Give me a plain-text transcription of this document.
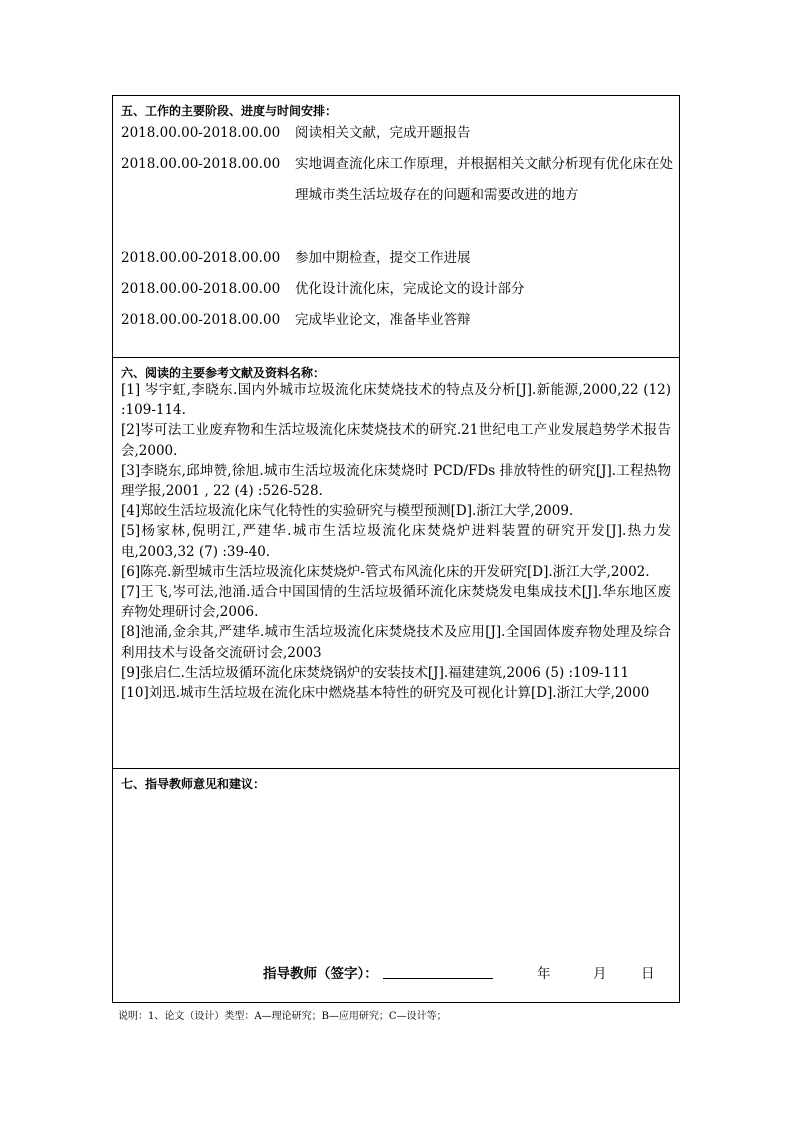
五、工作的主要阶段、进度与时间安排：
2018.00.00-2018.00.00	阅读相关文献，完成开题报告
2018.00.00-2018.00.00	实地调查流化床工作原理，并根据相关文献分析现有优化床在处理城市类生活垃圾存在的问题和需要改进的地方
2018.00.00-2018.00.00	参加中期检查，提交工作进展
2018.00.00-2018.00.00	优化设计流化床，完成论文的设计部分
2018.00.00-2018.00.00	完成毕业论文，准备毕业答辩
六、阅读的主要参考文献及资料名称：
[1] 岑宇虹,李晓东.国内外城市垃圾流化床焚烧技术的特点及分析[J].新能源,2000,22 (12) :109-114.
[2]岑可法工业废弃物和生活垃圾流化床焚烧技术的研究.21世纪电工产业发展趋势学术报告会,2000.
[3]李晓东,邱坤赞,徐旭.城市生活垃圾流化床焚烧时 PCD/FDs 排放特性的研究[J].工程热物理学报,2001 , 22 (4) :526-528.
[4]郑皎生活垃圾流化床气化特性的实验研究与模型预测[D].浙江大学,2009.
[5]杨家林,倪明江,严建华.城市生活垃圾流化床焚烧炉进料装置的研究开发[J].热力发电,2003,32 (7) :39-40.
[6]陈亮.新型城市生活垃圾流化床焚烧炉-管式布风流化床的开发研究[D].浙江大学,2002.
[7]王飞,岑可法,池涌.适合中国国情的生活垃圾循环流化床焚烧发电集成技术[J].华东地区废弃物处理研讨会,2006.
[8]池涌,金余其,严建华.城市生活垃圾流化床焚烧技术及应用[J].全国固体废弃物处理及综合利用技术与设备交流研讨会,2003
[9]张启仁.生活垃圾循环流化床焚烧锅炉的安装技术[J].福建建筑,2006 (5) :109-111
[10]刘迅.城市生活垃圾在流化床中燃烧基本特性的研究及可视化计算[D].浙江大学,2000
七、指导教师意见和建议：
指导教师（签字）：	年	月	日
说明：1、论文（设计）类型：A—理论研究；B—应用研究；C—设计等；
